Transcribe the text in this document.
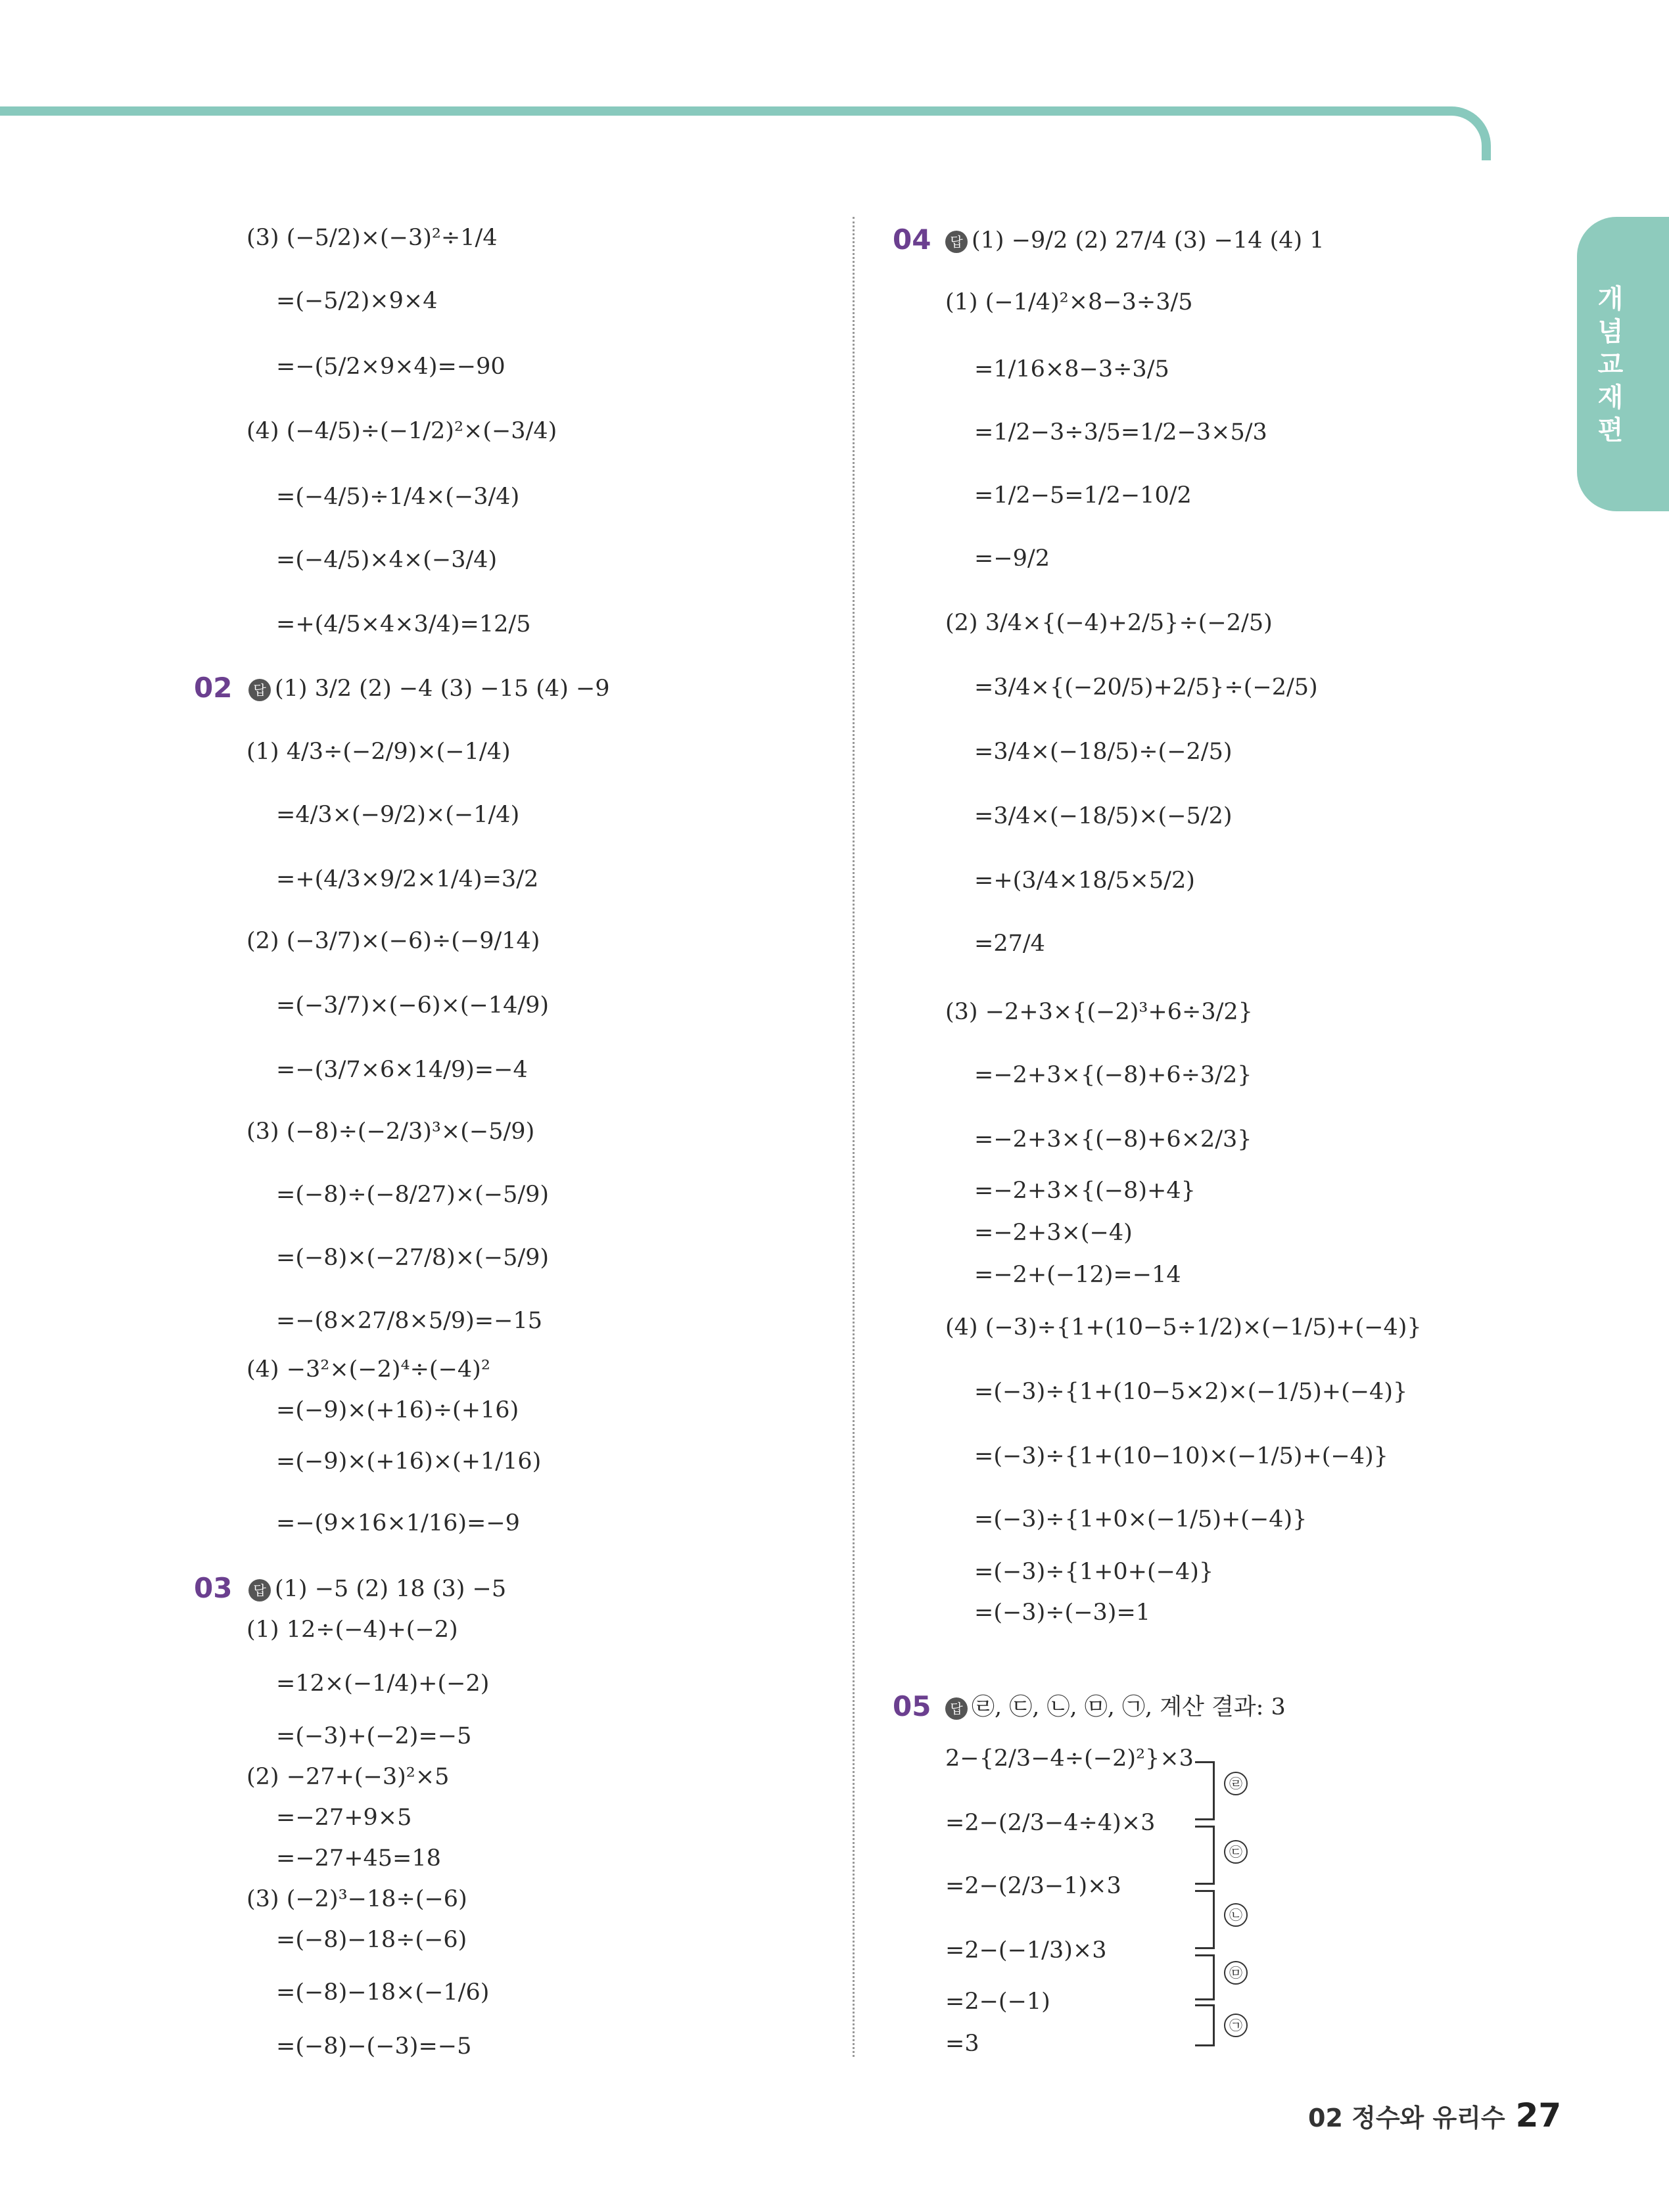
개념교재편
(3) (−5/2)×(−3)²÷1/4
=(−5/2)×9×4
=−(5/2×9×4)=−90
(4) (−4/5)÷(−1/2)²×(−3/4)
=(−4/5)÷1/4×(−3/4)
=(−4/5)×4×(−3/4)
=+(4/5×4×3/4)=12/5
02	답 (1) 3/2 (2) −4 (3) −15 (4) −9
(1) 4/3÷(−2/9)×(−1/4)
=4/3×(−9/2)×(−1/4)
=+(4/3×9/2×1/4)=3/2
(2) (−3/7)×(−6)÷(−9/14)
=(−3/7)×(−6)×(−14/9)
=−(3/7×6×14/9)=−4
(3) (−8)÷(−2/3)³×(−5/9)
=(−8)÷(−8/27)×(−5/9)
=(−8)×(−27/8)×(−5/9)
=−(8×27/8×5/9)=−15
(4) −3²×(−2)⁴÷(−4)²
=(−9)×(+16)÷(+16)
=(−9)×(+16)×(+1/16)
=−(9×16×1/16)=−9
03	답 (1) −5 (2) 18 (3) −5
(1) 12÷(−4)+(−2)
=12×(−1/4)+(−2)
=(−3)+(−2)=−5
(2) −27+(−3)²×5
=−27+9×5
=−27+45=18
(3) (−2)³−18÷(−6)
=(−8)−18÷(−6)
=(−8)−18×(−1/6)
=(−8)−(−3)=−5
04	답 (1) −9/2 (2) 27/4 (3) −14 (4) 1
(1) (−1/4)²×8−3÷3/5
=1/16×8−3÷3/5
=1/2−3÷3/5=1/2−3×5/3
=1/2−5=1/2−10/2
=−9/2
(2) 3/4×{(−4)+2/5}÷(−2/5)
=3/4×{(−20/5)+2/5}÷(−2/5)
=3/4×(−18/5)÷(−2/5)
=3/4×(−18/5)×(−5/2)
=+(3/4×18/5×5/2)
=27/4
(3) −2+3×{(−2)³+6÷3/2}
=−2+3×{(−8)+6÷3/2}
=−2+3×{(−8)+6×2/3}
=−2+3×{(−8)+4}
=−2+3×(−4)
=−2+(−12)=−14
(4) (−3)÷{1+(10−5÷1/2)×(−1/5)+(−4)}
=(−3)÷{1+(10−5×2)×(−1/5)+(−4)}
=(−3)÷{1+(10−10)×(−1/5)+(−4)}
=(−3)÷{1+0×(−1/5)+(−4)}
=(−3)÷{1+0+(−4)}
=(−3)÷(−3)=1
05	답 ㉣, ㉢, ㉡, ㉤, ㉠, 계산 결과: 3
2−{2/3−4÷(−2)²}×3
=2−(2/3−4÷4)×3
=2−(2/3−1)×3
=2−(−1/3)×3
=2−(−1)
=3
㉣
㉢
㉡
㉤
㉠
02 정수와 유리수 27
